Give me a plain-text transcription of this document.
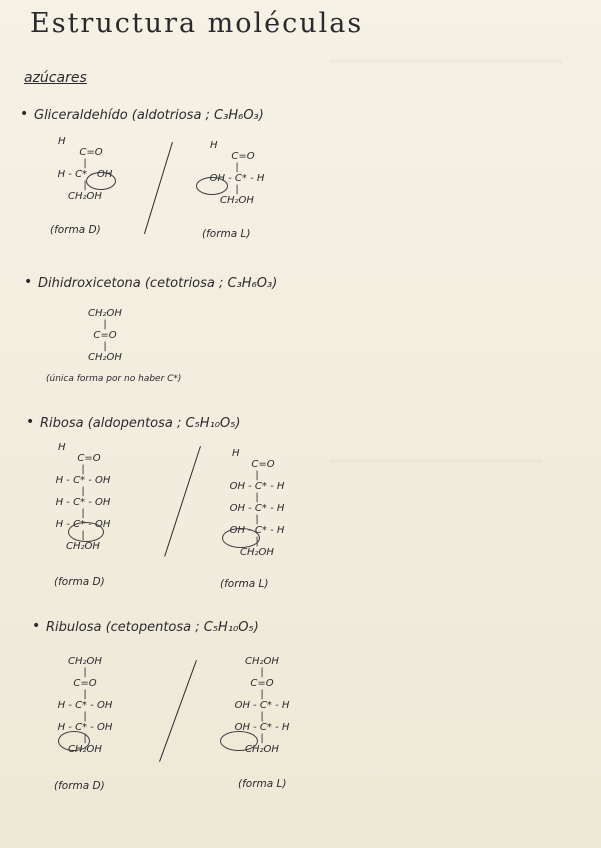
Estructura moléculas
azúcares
• Gliceraldehído (aldotriosa ; C₃H₆O₃)
H
C=O
|
H - C* - OH
|
CH₂OH
(forma D)
H
C=O
|
OH - C* - H
|
CH₂OH
(forma L)
• Dihidroxicetona (cetotriosa ; C₃H₆O₃)
CH₂OH
|
C=O
|
CH₂OH
(única forma por no haber C*)
• Ribosa (aldopentosa ; C₅H₁₀O₅)
H
C=O
|
H - C* - OH
|
H - C* - OH
|
H - C* - OH
|
CH₂OH
(forma D)
H
C=O
|
OH - C* - H
|
OH - C* - H
|
OH - C* - H
|
CH₂OH
(forma L)
• Ribulosa (cetopentosa ; C₅H₁₀O₅)
CH₂OH
|
C=O
|
H - C* - OH
|
H - C* - OH
|
CH₂OH
(forma D)
CH₂OH
|
C=O
|
OH - C* - H
|
OH - C* - H
|
CH₂OH
(forma L)
